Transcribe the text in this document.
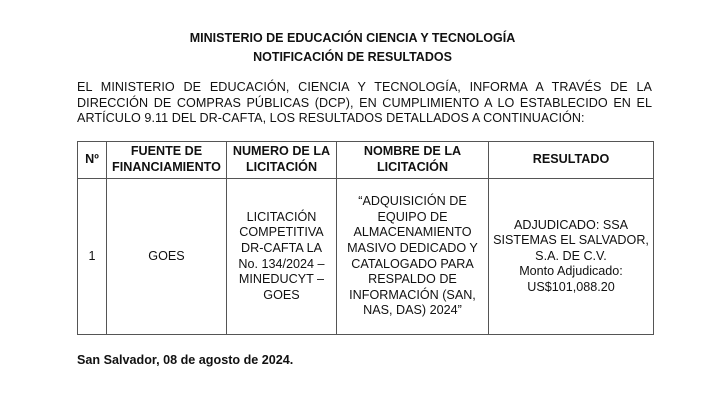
MINISTERIO DE EDUCACIÓN CIENCIA Y TECNOLOGÍA
NOTIFICACIÓN DE RESULTADOS
EL MINISTERIO DE EDUCACIÓN, CIENCIA Y TECNOLOGÍA, INFORMA A TRAVÉS DE LA DIRECCIÓN DE COMPRAS PÚBLICAS (DCP), EN CUMPLIMIENTO A LO ESTABLECIDO EN EL ARTÍCULO 9.11 DEL DR-CAFTA, LOS RESULTADOS DETALLADOS A CONTINUACIÓN:
Nº	FUENTE DE FINANCIAMIENTO	NUMERO DE LA LICITACIÓN	NOMBRE DE LA LICITACIÓN	RESULTADO
1	GOES	LICITACIÓN COMPETITIVA DR-CAFTA LA No. 134/2024 – MINEDUCYT – GOES	“ADQUISICIÓN DE EQUIPO DE ALMACENAMIENTO MASIVO DEDICADO Y CATALOGADO PARA RESPALDO DE INFORMACIÓN (SAN, NAS, DAS) 2024”	ADJUDICADO: SSA SISTEMAS EL SALVADOR, S.A. DE C.V.
Monto Adjudicado:
US$101,088.20
San Salvador, 08 de agosto de 2024.
